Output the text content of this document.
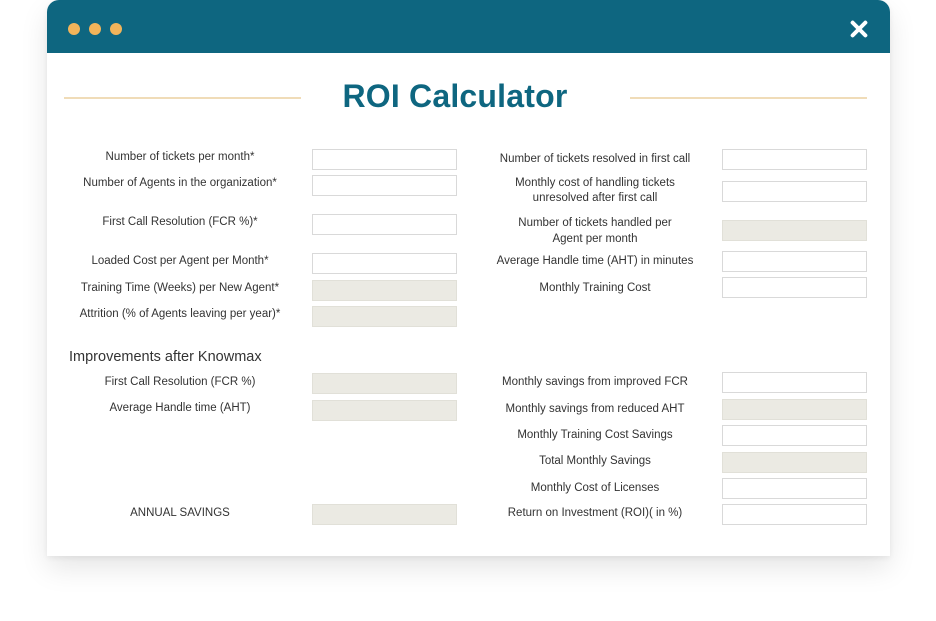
ROI Calculator
Number of tickets per month*
Number of Agents in the organization*
First Call Resolution (FCR %)*
Loaded Cost per Agent per Month*
Training Time (Weeks) per New Agent*
Attrition (% of Agents leaving per year)*
Number of tickets resolved in first call
Monthly cost of handling tickets
unresolved after first call
Number of tickets handled per
Agent per month
Average Handle time (AHT) in minutes
Monthly Training Cost
Improvements after Knowmax
First Call Resolution (FCR %)
Average Handle time (AHT)
ANNUAL SAVINGS
Monthly savings from improved FCR
Monthly savings from reduced AHT
Monthly Training Cost Savings
Total Monthly Savings
Monthly Cost of Licenses
Return on Investment (ROI)( in %)
